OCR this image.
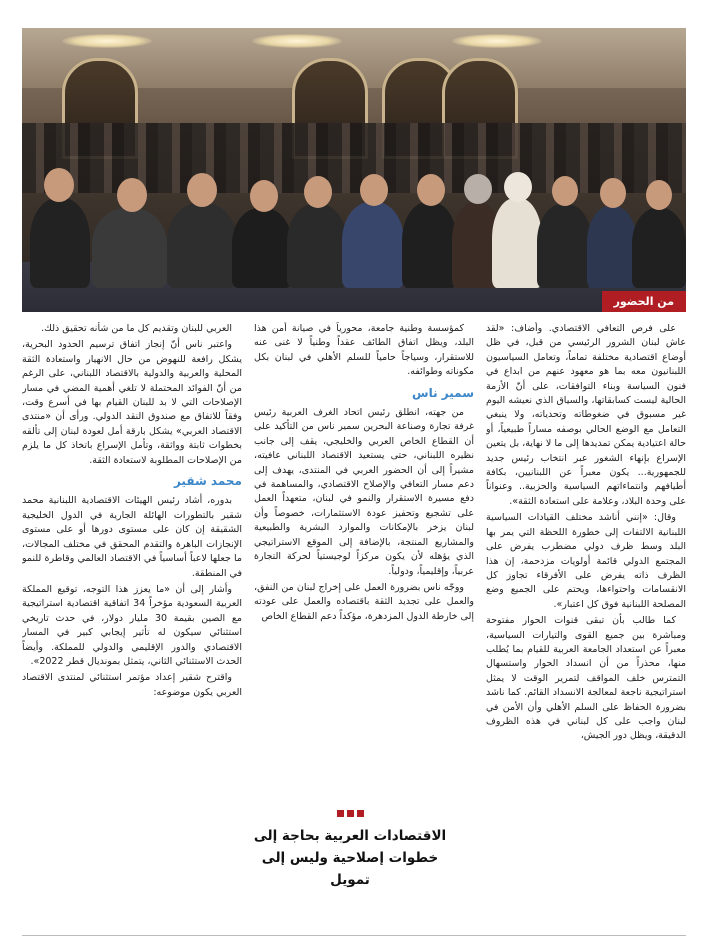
من الحضور

على فرص التعافي الاقتصادي. وأضاف: «لقد عاش لبنان الشرور الرئيسي من قبل، في ظل أوضاع اقتصادية مختلفة تماماً، وتعامل السياسيون اللبنانيون معه بما هو معهود عنهم من ابداع في فنون السياسة وبناء التوافقات، على أنّ الأزمة الحالية ليست كسابقاتها، والسياق الذي نعيشه اليوم غير مسبوق في ضغوطاته وتحدياته، ولا ينبغي التعامل مع الوضع الحالي بوصفه مساراً طبيعياً، أو حالة اعتيادية يمكن تمديدها إلى ما لا نهاية، بل يتعين الإسراع بإنهاء الشغور عبر انتخاب رئيس جديد للجمهورية... يكون معبراً عن اللبنانيين، بكافة أطيافهم وانتماءاتهم السياسية والحزبية.. وعنواناً على وحدة البلاد، وعلامة على استعادة الثقة».

وقال: «إنني أناشد مختلف القيادات السياسية اللبنانية الالتفات إلى خطورة اللحظة التي يمر بها البلد وسط ظرف دولي مضطرب يفرض على المجتمع الدولي قائمة أولويات مزدحمة، إن هذا الظرف ذاته يفرض على الأفرقاء تجاوز كل الانقسامات واحتواءها، ويحتم على الجميع وضع المصلحة اللبنانية فوق كل اعتبار».

كما طالب بأن تبقى قنوات الحوار مفتوحة ومباشرة بين جميع القوى والتيارات السياسية، معبراً عن استعداد الجامعة العربية للقيام بما يُطلب منها، محذراً من أن انسداد الحوار واستسهال التمترس خلف المواقف لتمرير الوقت لا يمثل استراتيجية ناجعة لمعالجة الانسداد القائم. كما ناشد بضرورة الحفاظ على السلم الأهلي وأن الأمن في لبنان واجب على كل لبناني في هذه الظروف الدقيقة، ويظل دور الجيش،

كمؤسسة وطنية جامعة، محورياً في صيانة أمن هذا البلد، ويظل اتفاق الطائف عقداً وطنياً لا غنى عنه للاستقرار، وسياجاً حامياً للسلم الأهلي في لبنان بكل مكوناته وطوائفه.

سمير ناس

من جهته، انطلق رئيس اتحاد الغرف العربية رئيس غرفة تجارة وصناعة البحرين سمير ناس من التأكيد على أن القطاع الخاص العربي والخليجي، يقف إلى جانب نظيره اللبناني، حتى يستعيد الاقتصاد اللبناني عافيته، مشيراً إلى أن الحضور العربي في المنتدى، يهدف إلى دعم مسار التعافي والإصلاح الاقتصادي، والمساهمة في دفع مسيرة الاستقرار والنمو في لبنان، متعهداً العمل على تشجيع وتحفيز عودة الاستثمارات، خصوصاً وأن لبنان يزخر بالإمكانات والموارد البشرية والطبيعية والمشاريع المنتجة، بالإضافة إلى الموقع الاستراتيجي الذي يؤهله لأن يكون مركزاً لوجيستياً لحركة التجارة عربياً، وإقليمياً، ودولياً.

ووجّه ناس بضرورة العمل على إخراج لبنان من النفق، والعمل على تجديد الثقة باقتصاده والعمل على عودته إلى خارطة الدول المزدهرة، مؤكداً دعم القطاع الخاص

الاقتصادات العربية بحاجة إلى
خطوات إصلاحية وليس إلى تمويل

العربي للبنان وتقديم كل ما من شأنه تحقيق ذلك.

واعتبر ناس أنّ إنجاز اتفاق ترسيم الحدود البحرية، يشكل رافعة للنهوض من حال الانهيار واستعادة الثقة المحلية والعربية والدولية بالاقتصاد اللبناني، على الرغم من أنّ الفوائد المحتملة لا تلغي أهمية المضي في مسار الإصلاحات التي لا بد للبنان القيام بها في أسرع وقت، وفقاً للاتفاق مع صندوق النقد الدولي. ورأى أن «منتدى الاقتصاد العربي» يشكل بارقة أمل لعودة لبنان إلى تألقه بخطوات ثابتة وواثقة، وتأمل الإسراع باتخاذ كل ما يلزم من الإصلاحات المطلوبة لاستعادة الثقة.

محمد شقير

بدوره، أشاد رئيس الهيئات الاقتصادية اللبنانية محمد شقير بالتطورات الهائلة الجارية في الدول الخليجية الشقيقة إن كان على مستوى دورها أو على مستوى الإنجازات الباهرة والتقدم المحقق في مختلف المجالات، ما جعلها لاعباً أساسياً في الاقتصاد العالمي وقاطرة للنمو في المنطقة.

وأشار إلى أن «ما يعزز هذا التوجه، توقيع المملكة العربية السعودية مؤخراً 34 اتفاقية اقتصادية استراتيجية مع الصين بقيمة 30 مليار دولار، في حدث تاريخي استثنائي سيكون له تأثير إيجابي كبير في المسار الاقتصادي والدور الإقليمي والدولي للمملكة. وأيضاً الحدث الاستثنائي الثاني، يتمثل بمونديال قطر 2022».

واقترح شقير إعداد مؤتمر استثنائي لمنتدى الاقتصاد العربي يكون موضوعه:
